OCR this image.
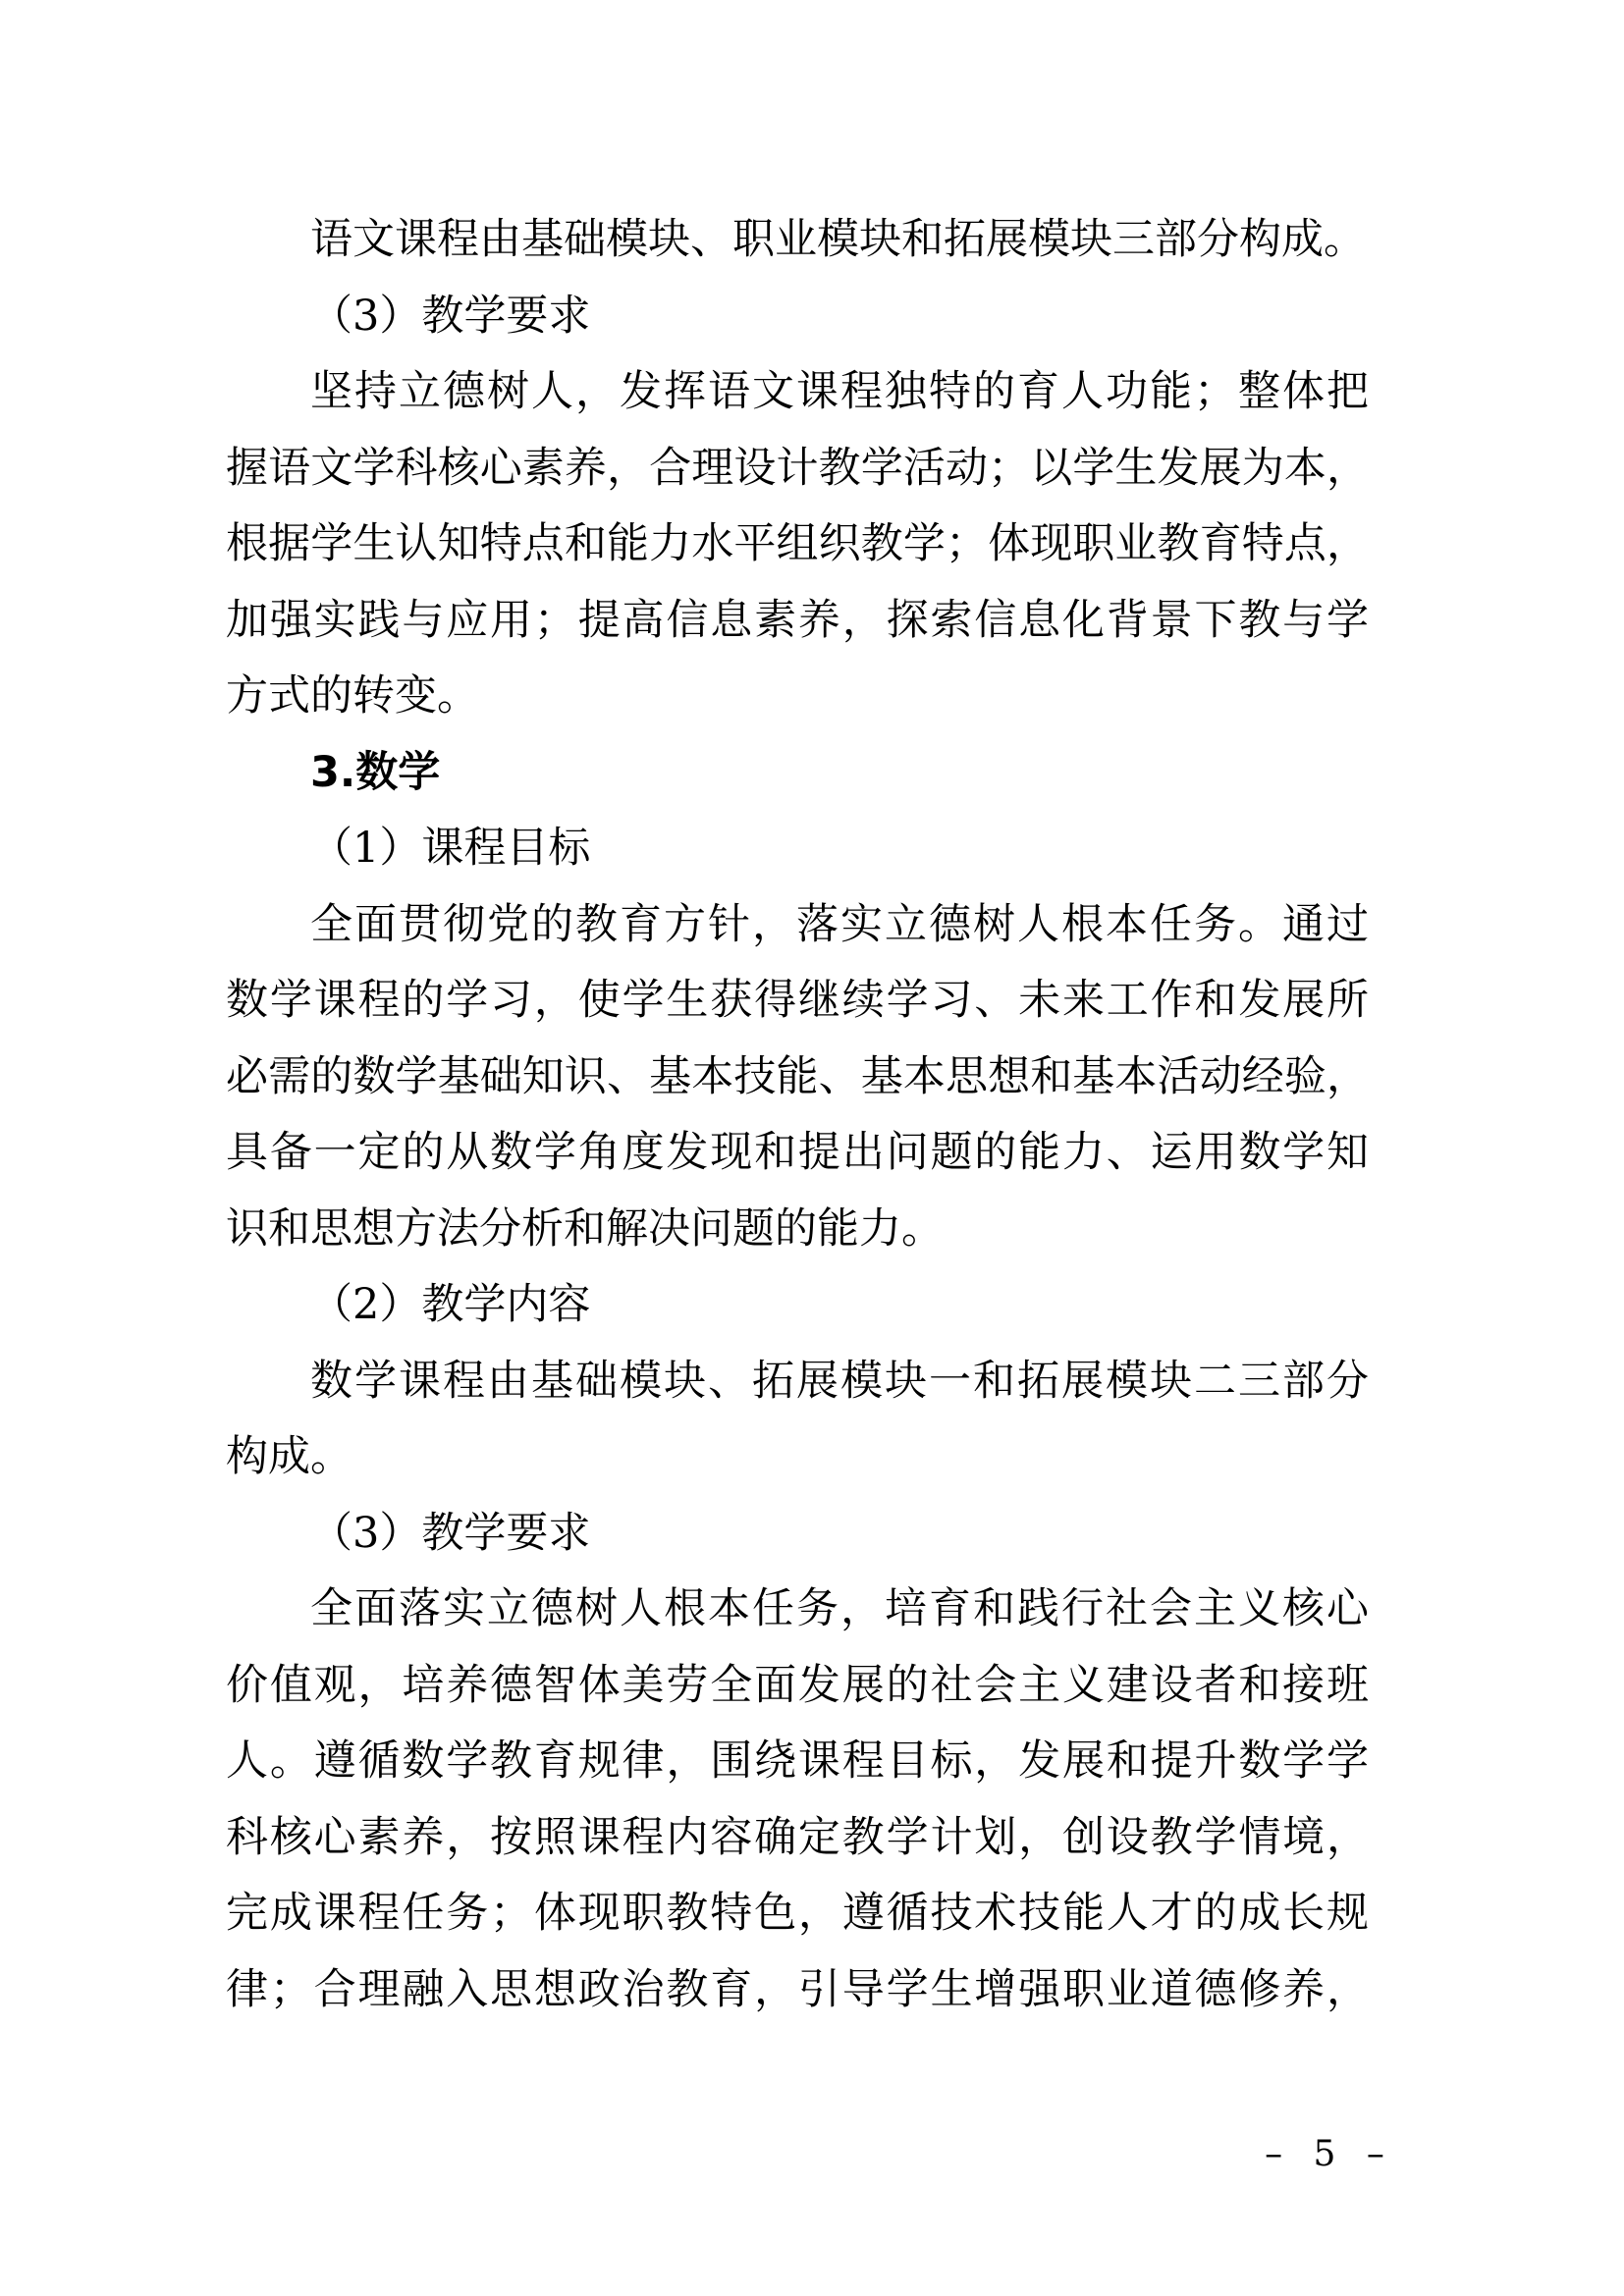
语文课程由基础模块、职业模块和拓展模块三部分构成。
（3）教学要求
坚持立德树人，发挥语文课程独特的育人功能；整体把
握语文学科核心素养，合理设计教学活动；以学生发展为本，
根据学生认知特点和能力水平组织教学；体现职业教育特点，
加强实践与应用；提高信息素养，探索信息化背景下教与学
方式的转变。
3.数学
（1）课程目标
全面贯彻党的教育方针，落实立德树人根本任务。通过
数学课程的学习，使学生获得继续学习、未来工作和发展所
必需的数学基础知识、基本技能、基本思想和基本活动经验，
具备一定的从数学角度发现和提出问题的能力、运用数学知
识和思想方法分析和解决问题的能力。
（2）教学内容
数学课程由基础模块、拓展模块一和拓展模块二三部分
构成。
（3）教学要求
全面落实立德树人根本任务，培育和践行社会主义核心
价值观，培养德智体美劳全面发展的社会主义建设者和接班
人。遵循数学教育规律，围绕课程目标，发展和提升数学学
科核心素养，按照课程内容确定教学计划，创设教学情境，
完成课程任务；体现职教特色，遵循技术技能人才的成长规
律；合理融入思想政治教育，引导学生增强职业道德修养，
– 5 –
